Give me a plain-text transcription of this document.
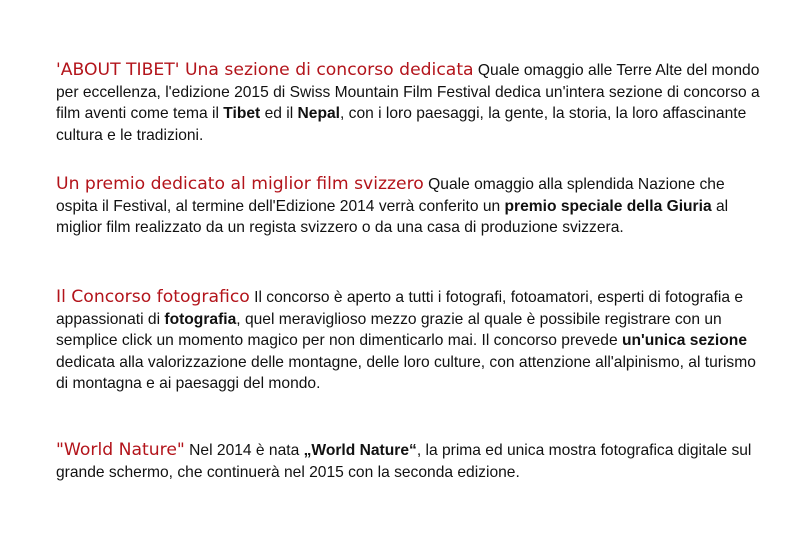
'ABOUT TIBET' Una sezione di concorso dedicata Quale omaggio alle Terre Alte del mondo per eccellenza, l'edizione 2015 di Swiss Mountain Film Festival dedica un'intera sezione di concorso a film aventi come tema il Tibet ed il Nepal, con i loro paesaggi, la gente, la storia, la loro affascinante cultura e le tradizioni.

Un premio dedicato al miglior film svizzero Quale omaggio alla splendida Nazione che ospita il Festival, al termine dell'Edizione 2014 verrà conferito un premio speciale della Giuria al miglior film realizzato da un regista svizzero o da una casa di produzione svizzera.

Il Concorso fotografico Il concorso è aperto a tutti i fotografi, fotoamatori, esperti di fotografia e appassionati di fotografia, quel meraviglioso mezzo grazie al quale è possibile registrare con un semplice click un momento magico per non dimenticarlo mai. Il concorso prevede un'unica sezione dedicata alla valorizzazione delle montagne, delle loro culture, con attenzione all'alpinismo, al turismo di montagna e ai paesaggi del mondo.

"World Nature" Nel 2014 è nata „World Nature“, la prima ed unica mostra fotografica digitale sul grande schermo, che continuerà nel 2015 con la seconda edizione.
